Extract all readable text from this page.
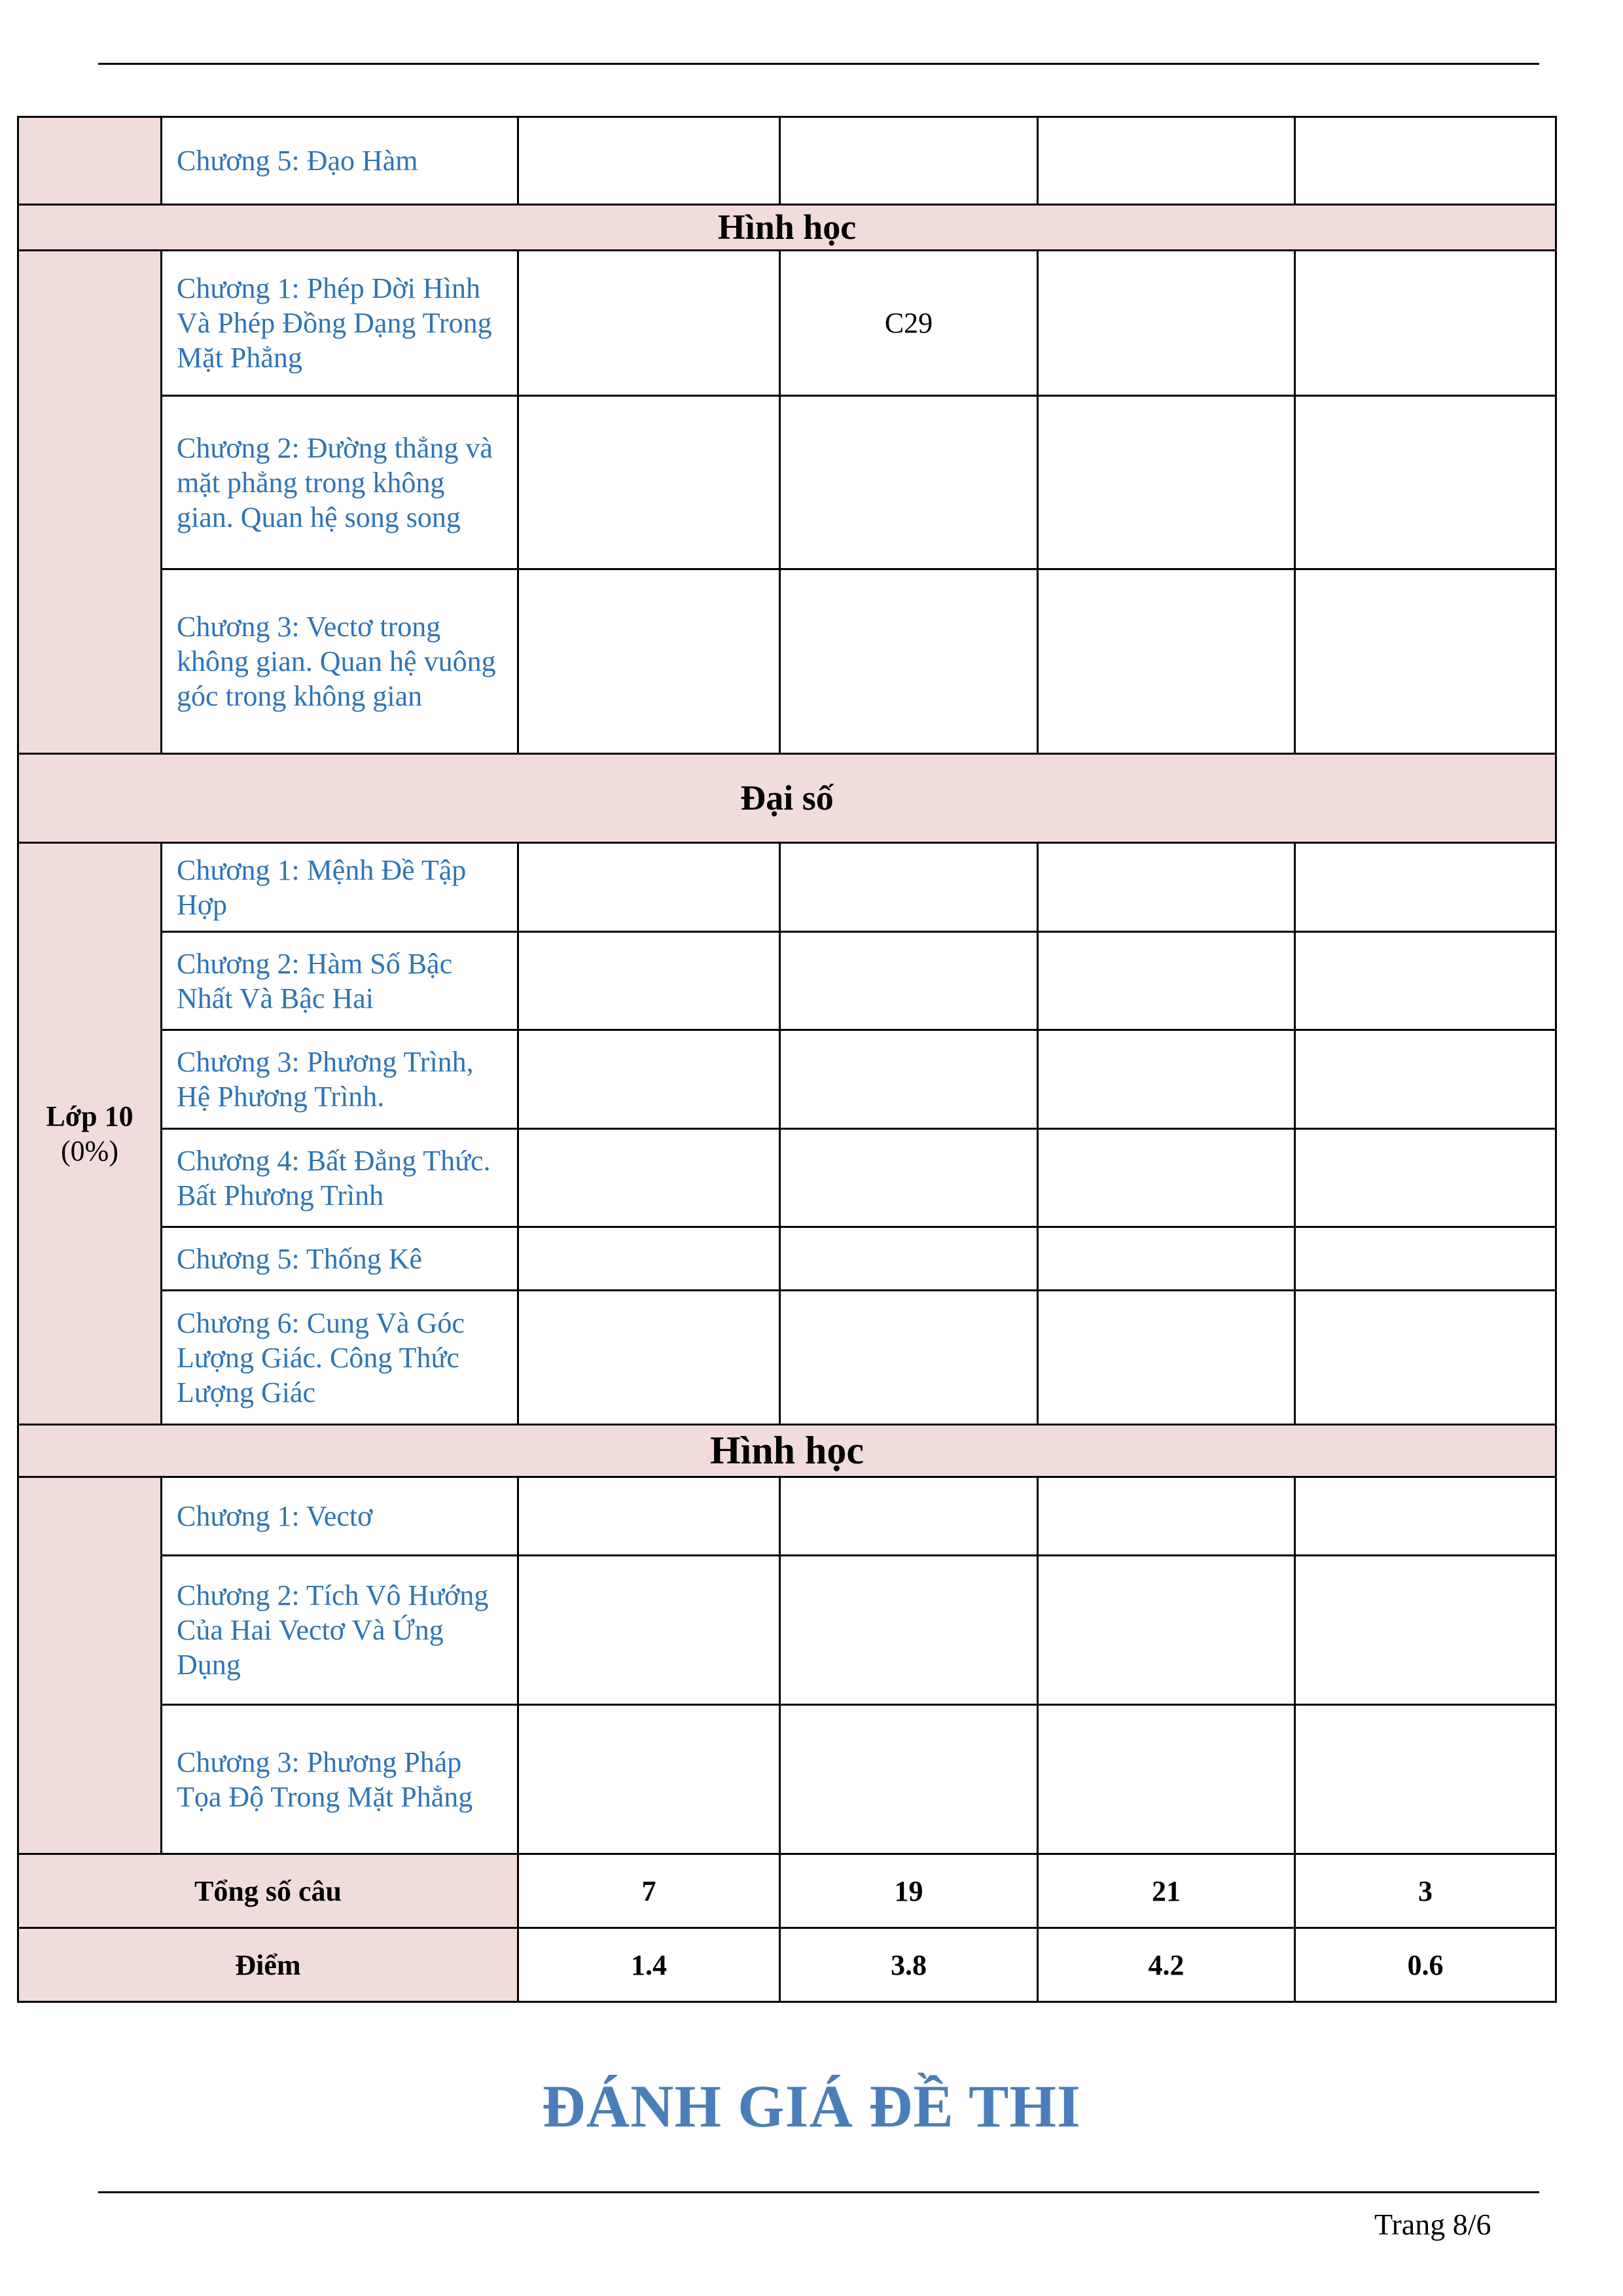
	Chương 5: Đạo Hàm				
Hình học					
	Chương 1: Phép Dời Hình Và Phép Đồng Dạng Trong Mặt Phẳng		C29		
	Chương 2: Đường thẳng và mặt phẳng trong không gian. Quan hệ song song				
	Chương 3: Vectơ trong không gian. Quan hệ vuông góc trong không gian				
Đại số					
Lớp 10
(0%)	Chương 1: Mệnh Đề Tập Hợp				
	Chương 2: Hàm Số Bậc Nhất Và Bậc Hai				
	Chương 3: Phương Trình, Hệ Phương Trình.				
	Chương 4: Bất Đẳng Thức. Bất Phương Trình				
	Chương 5: Thống Kê				
	Chương 6: Cung Và Góc Lượng Giác. Công Thức Lượng Giác				
Hình học					
	Chương 1: Vectơ				
	Chương 2: Tích Vô Hướng Của Hai Vectơ Và Ứng Dụng				
	Chương 3: Phương Pháp Tọa Độ Trong Mặt Phẳng				
Tổng số câu		7	19	21	3
Điểm		1.4	3.8	4.2	0.6
ĐÁNH GIÁ ĐỀ THI
Trang 8/6
